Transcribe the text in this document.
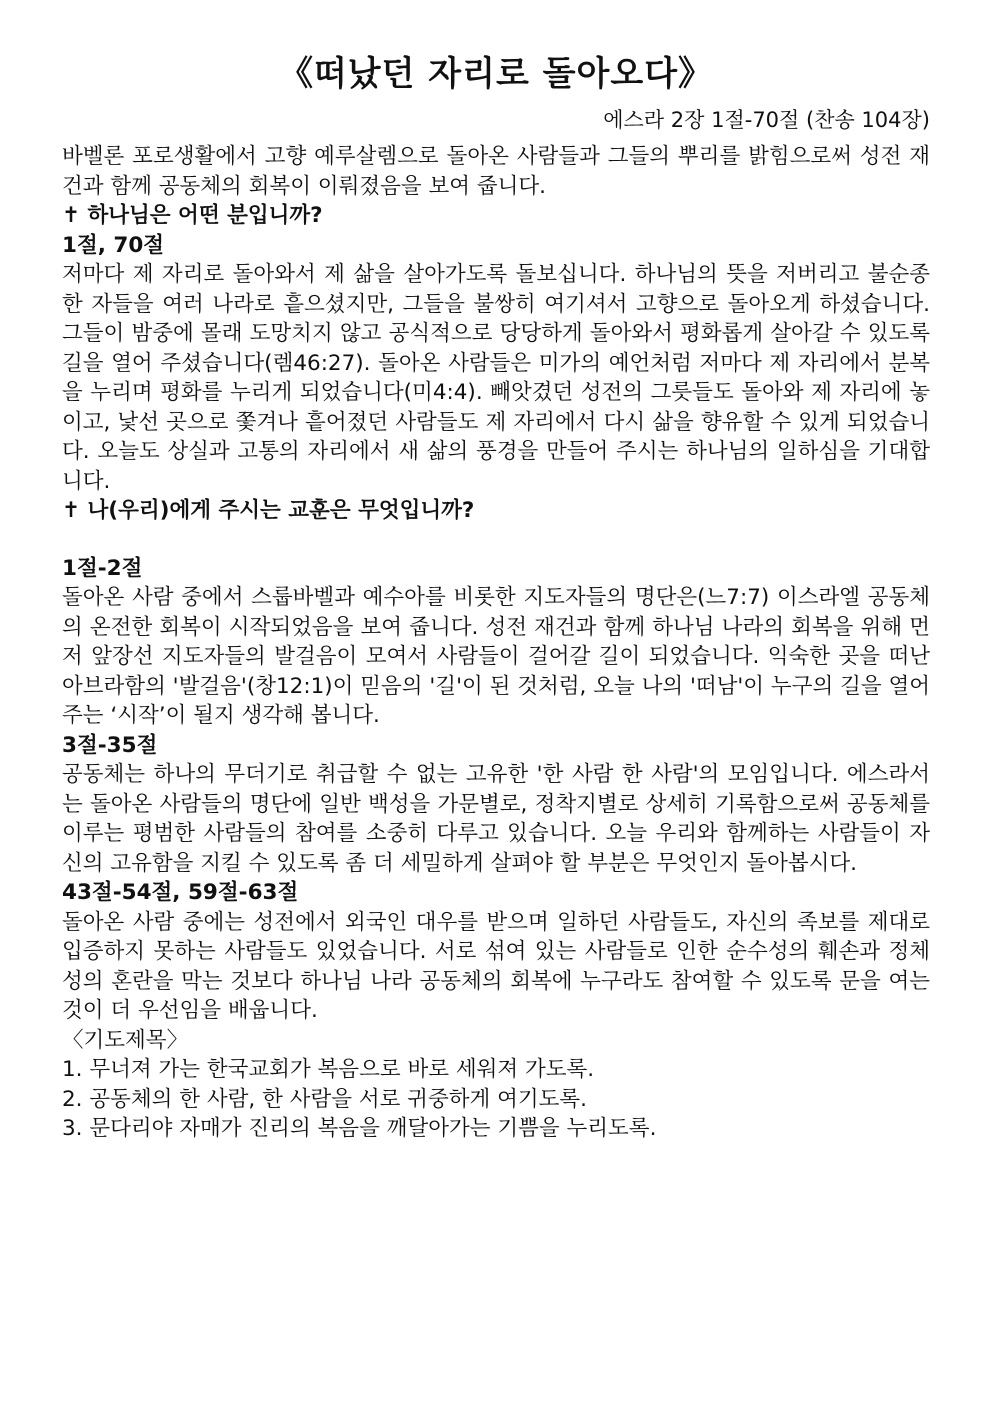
《떠났던 자리로 돌아오다》

에스라 2장 1절-70절 (찬송 104장)

바벨론 포로생활에서 고향 예루살렘으로 돌아온 사람들과 그들의 뿌리를 밝힘으로써 성전 재건과 함께 공동체의 회복이 이뤄졌음을 보여 줍니다.

✝ 하나님은 어떤 분입니까?

1절, 70절

저마다 제 자리로 돌아와서 제 삶을 살아가도록 돌보십니다. 하나님의 뜻을 저버리고 불순종한 자들을 여러 나라로 흩으셨지만, 그들을 불쌍히 여기셔서 고향으로 돌아오게 하셨습니다. 그들이 밤중에 몰래 도망치지 않고 공식적으로 당당하게 돌아와서 평화롭게 살아갈 수 있도록 길을 열어 주셨습니다(렘46:27). 돌아온 사람들은 미가의 예언처럼 저마다 제 자리에서 분복을 누리며 평화를 누리게 되었습니다(미4:4). 빼앗겼던 성전의 그릇들도 돌아와 제 자리에 놓이고, 낯선 곳으로 쫓겨나 흩어졌던 사람들도 제 자리에서 다시 삶을 향유할 수 있게 되었습니다. 오늘도 상실과 고통의 자리에서 새 삶의 풍경을 만들어 주시는 하나님의 일하심을 기대합니다.

✝ 나(우리)에게 주시는 교훈은 무엇입니까?

1절-2절

돌아온 사람 중에서 스룹바벨과 예수아를 비롯한 지도자들의 명단은(느7:7) 이스라엘 공동체의 온전한 회복이 시작되었음을 보여 줍니다. 성전 재건과 함께 하나님 나라의 회복을 위해 먼저 앞장선 지도자들의 발걸음이 모여서 사람들이 걸어갈 길이 되었습니다. 익숙한 곳을 떠난 아브라함의 '발걸음'(창12:1)이 믿음의 '길'이 된 것처럼, 오늘 나의 '떠남'이 누구의 길을 열어 주는 ‘시작’이 될지 생각해 봅니다.

3절-35절

공동체는 하나의 무더기로 취급할 수 없는 고유한 '한 사람 한 사람'의 모임입니다. 에스라서는 돌아온 사람들의 명단에 일반 백성을 가문별로, 정착지별로 상세히 기록함으로써 공동체를 이루는 평범한 사람들의 참여를 소중히 다루고 있습니다. 오늘 우리와 함께하는 사람들이 자신의 고유함을 지킬 수 있도록 좀 더 세밀하게 살펴야 할 부분은 무엇인지 돌아봅시다.

43절-54절, 59절-63절

돌아온 사람 중에는 성전에서 외국인 대우를 받으며 일하던 사람들도, 자신의 족보를 제대로 입증하지 못하는 사람들도 있었습니다. 서로 섞여 있는 사람들로 인한 순수성의 훼손과 정체성의 혼란을 막는 것보다 하나님 나라 공동체의 회복에 누구라도 참여할 수 있도록 문을 여는 것이 더 우선임을 배웁니다.

〈기도제목〉

1. 무너져 가는 한국교회가 복음으로 바로 세워져 가도록.
2. 공동체의 한 사람, 한 사람을 서로 귀중하게 여기도록.
3. 문다리야 자매가 진리의 복음을 깨달아가는 기쁨을 누리도록.
